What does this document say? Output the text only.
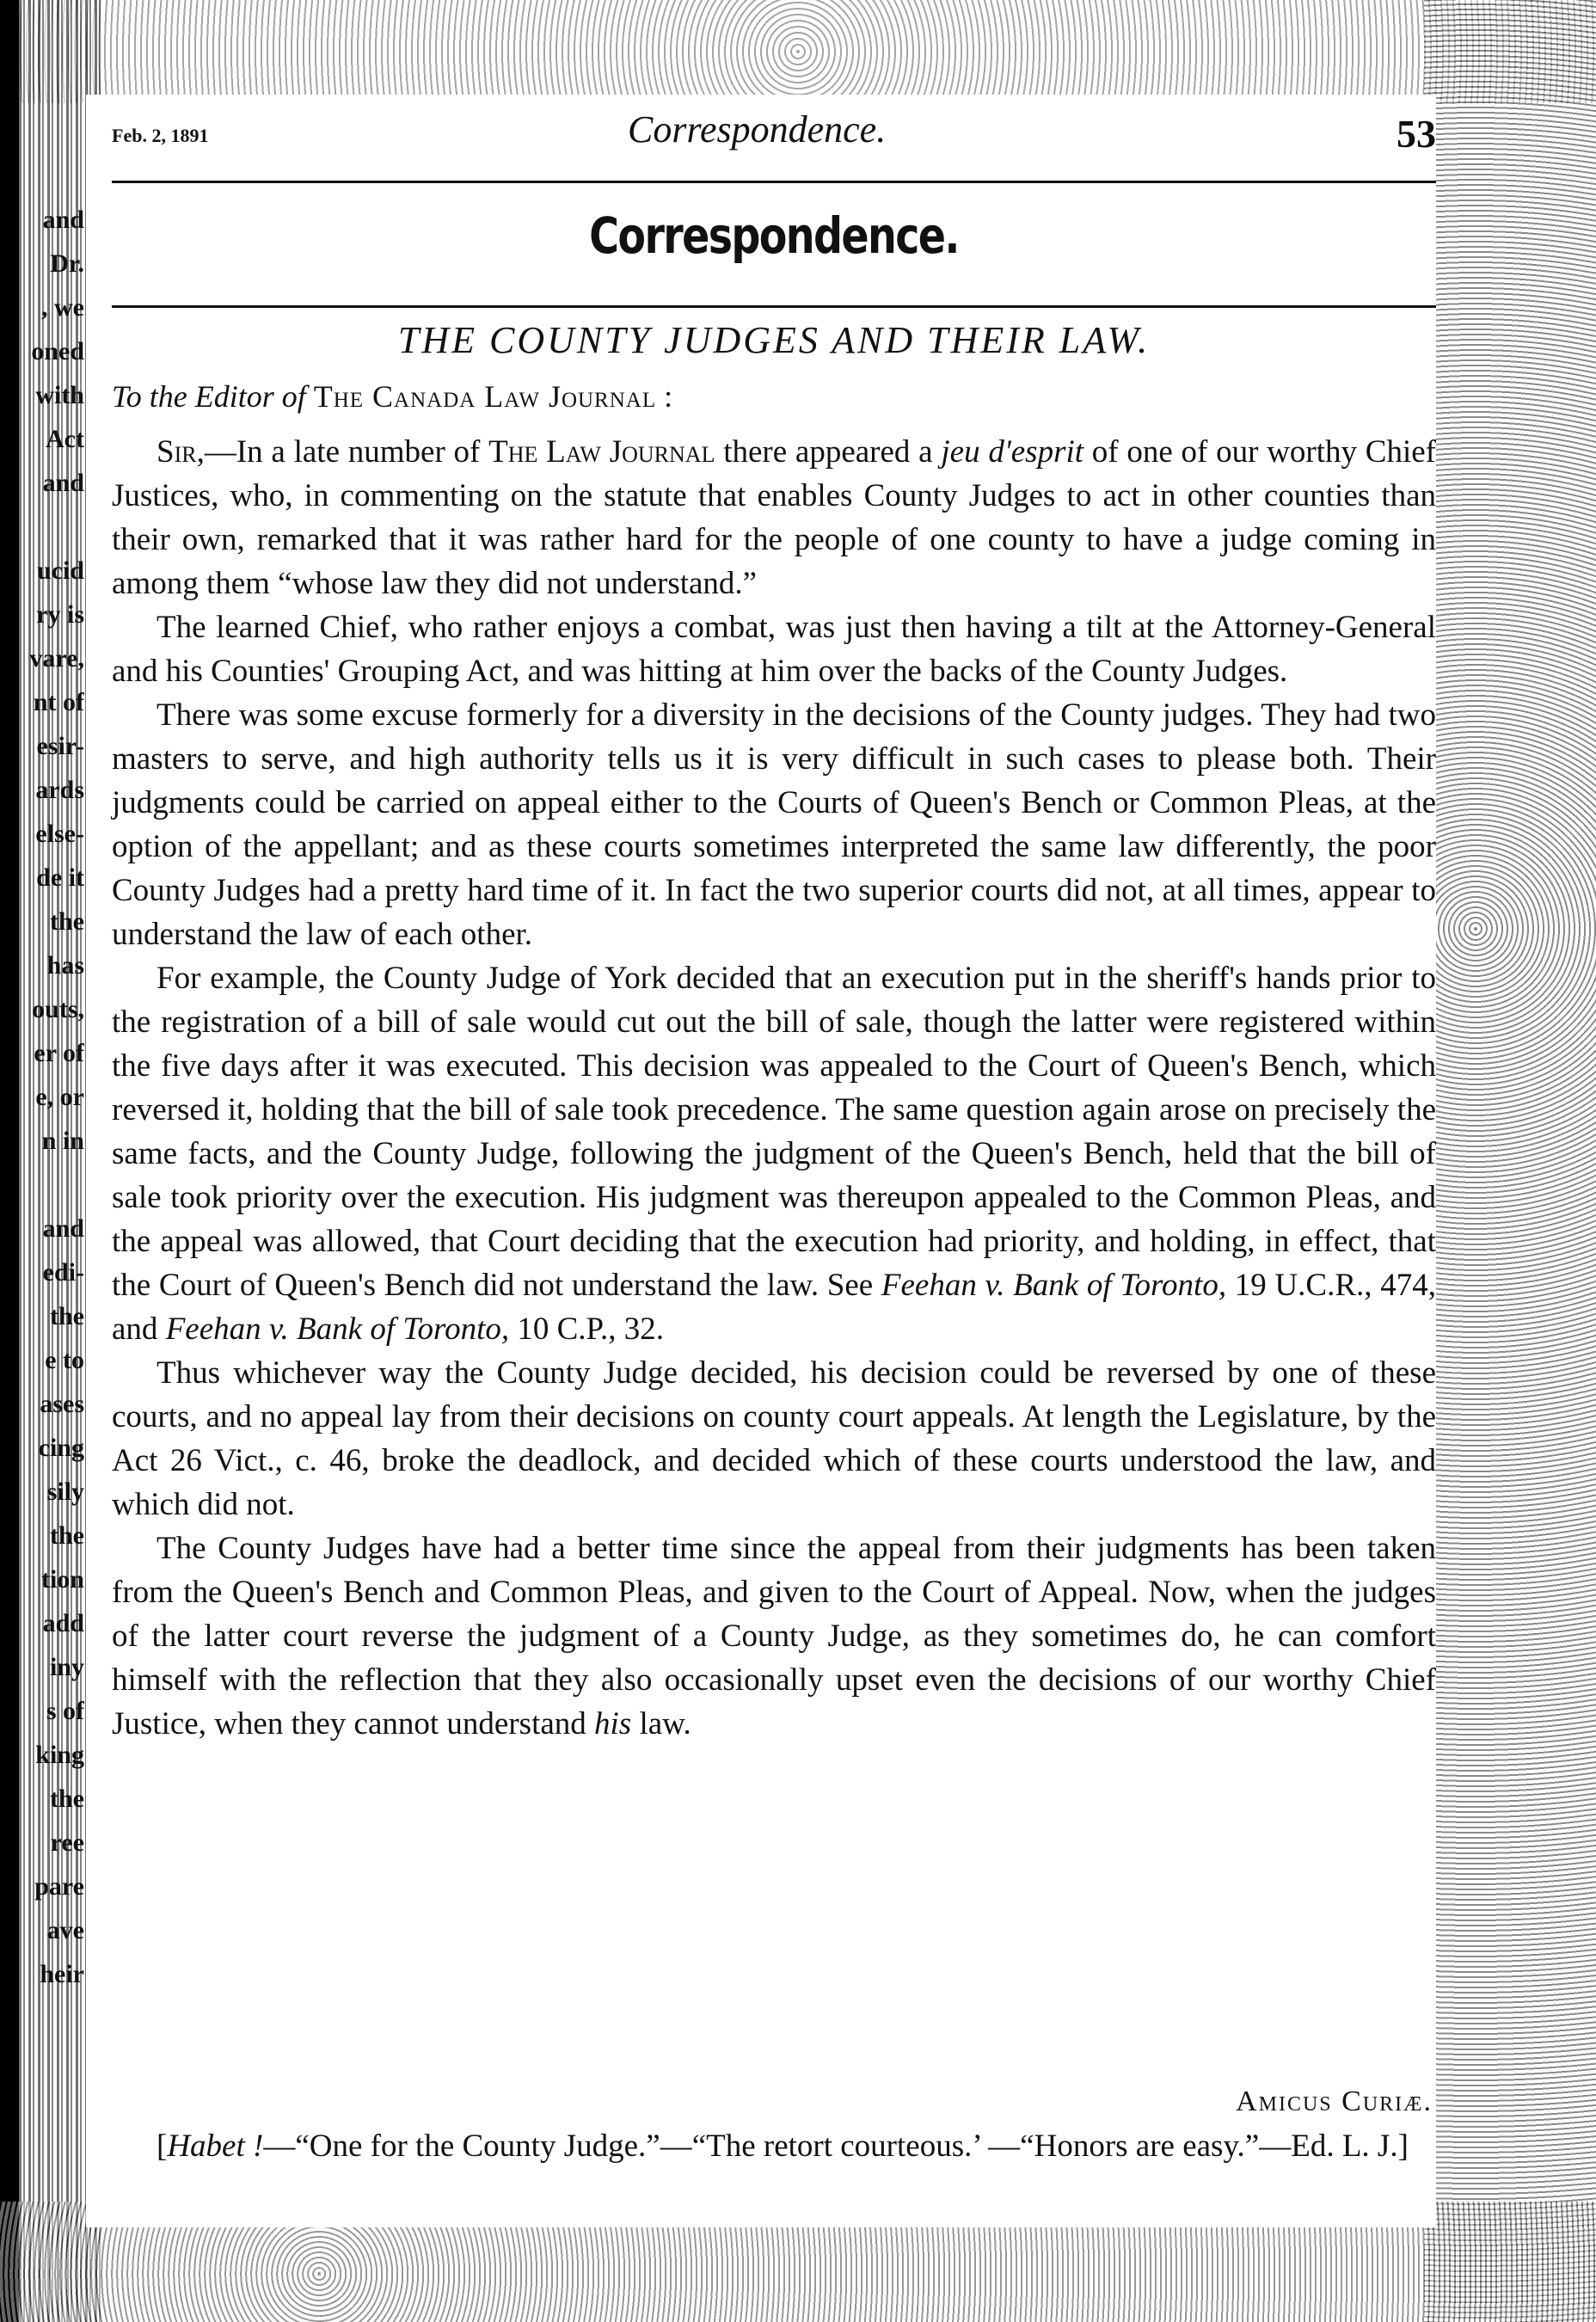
and
Dr.
, we
oned
with
Act
and
ucid
ry is
vare,
nt of
esir-
ards
else-
de it
the
has
outs,
er of
e, or
n in
and
edi-
the
e to
ases
cing
sily
the
tion
add
iny
s of
king
the
ree
pare
ave
heir
Feb. 2, 1891	Correspondence.	53
Correspondence.
THE COUNTY JUDGES AND THEIR LAW.
To the Editor of The Canada Law Journal :

Sir,—In a late number of The Law Journal there appeared a jeu d'esprit of one of our worthy Chief Justices, who, in commenting on the statute that enables County Judges to act in other counties than their own, remarked that it was rather hard for the people of one county to have a judge coming in among them “whose law they did not understand.”

The learned Chief, who rather enjoys a combat, was just then having a tilt at the Attorney-General and his Counties' Grouping Act, and was hitting at him over the backs of the County Judges.

There was some excuse formerly for a diversity in the decisions of the County judges. They had two masters to serve, and high authority tells us it is very difficult in such cases to please both. Their judgments could be carried on appeal either to the Courts of Queen's Bench or Common Pleas, at the option of the appellant; and as these courts sometimes interpreted the same law differently, the poor County Judges had a pretty hard time of it. In fact the two superior courts did not, at all times, appear to understand the law of each other.

For example, the County Judge of York decided that an execution put in the sheriff's hands prior to the registration of a bill of sale would cut out the bill of sale, though the latter were registered within the five days after it was executed. This decision was appealed to the Court of Queen's Bench, which reversed it, holding that the bill of sale took precedence. The same question again arose on precisely the same facts, and the County Judge, following the judgment of the Queen's Bench, held that the bill of sale took priority over the execution. His judgment was thereupon appealed to the Common Pleas, and the appeal was allowed, that Court deciding that the execution had priority, and holding, in effect, that the Court of Queen's Bench did not understand the law. See Feehan v. Bank of Toronto, 19 U.C.R., 474, and Feehan v. Bank of Toronto, 10 C.P., 32.

Thus whichever way the County Judge decided, his decision could be reversed by one of these courts, and no appeal lay from their decisions on county court appeals. At length the Legislature, by the Act 26 Vict., c. 46, broke the deadlock, and decided which of these courts understood the law, and which did not.

The County Judges have had a better time since the appeal from their judgments has been taken from the Queen's Bench and Common Pleas, and given to the Court of Appeal. Now, when the judges of the latter court reverse the judgment of a County Judge, as they sometimes do, he can comfort himself with the reflection that they also occasionally upset even the decisions of our worthy Chief Justice, when they cannot understand his law.

Amicus Curiæ.

[Habet !—“One for the County Judge.”—“The retort courteous.’ —“Honors are easy.”—Ed. L. J.]
